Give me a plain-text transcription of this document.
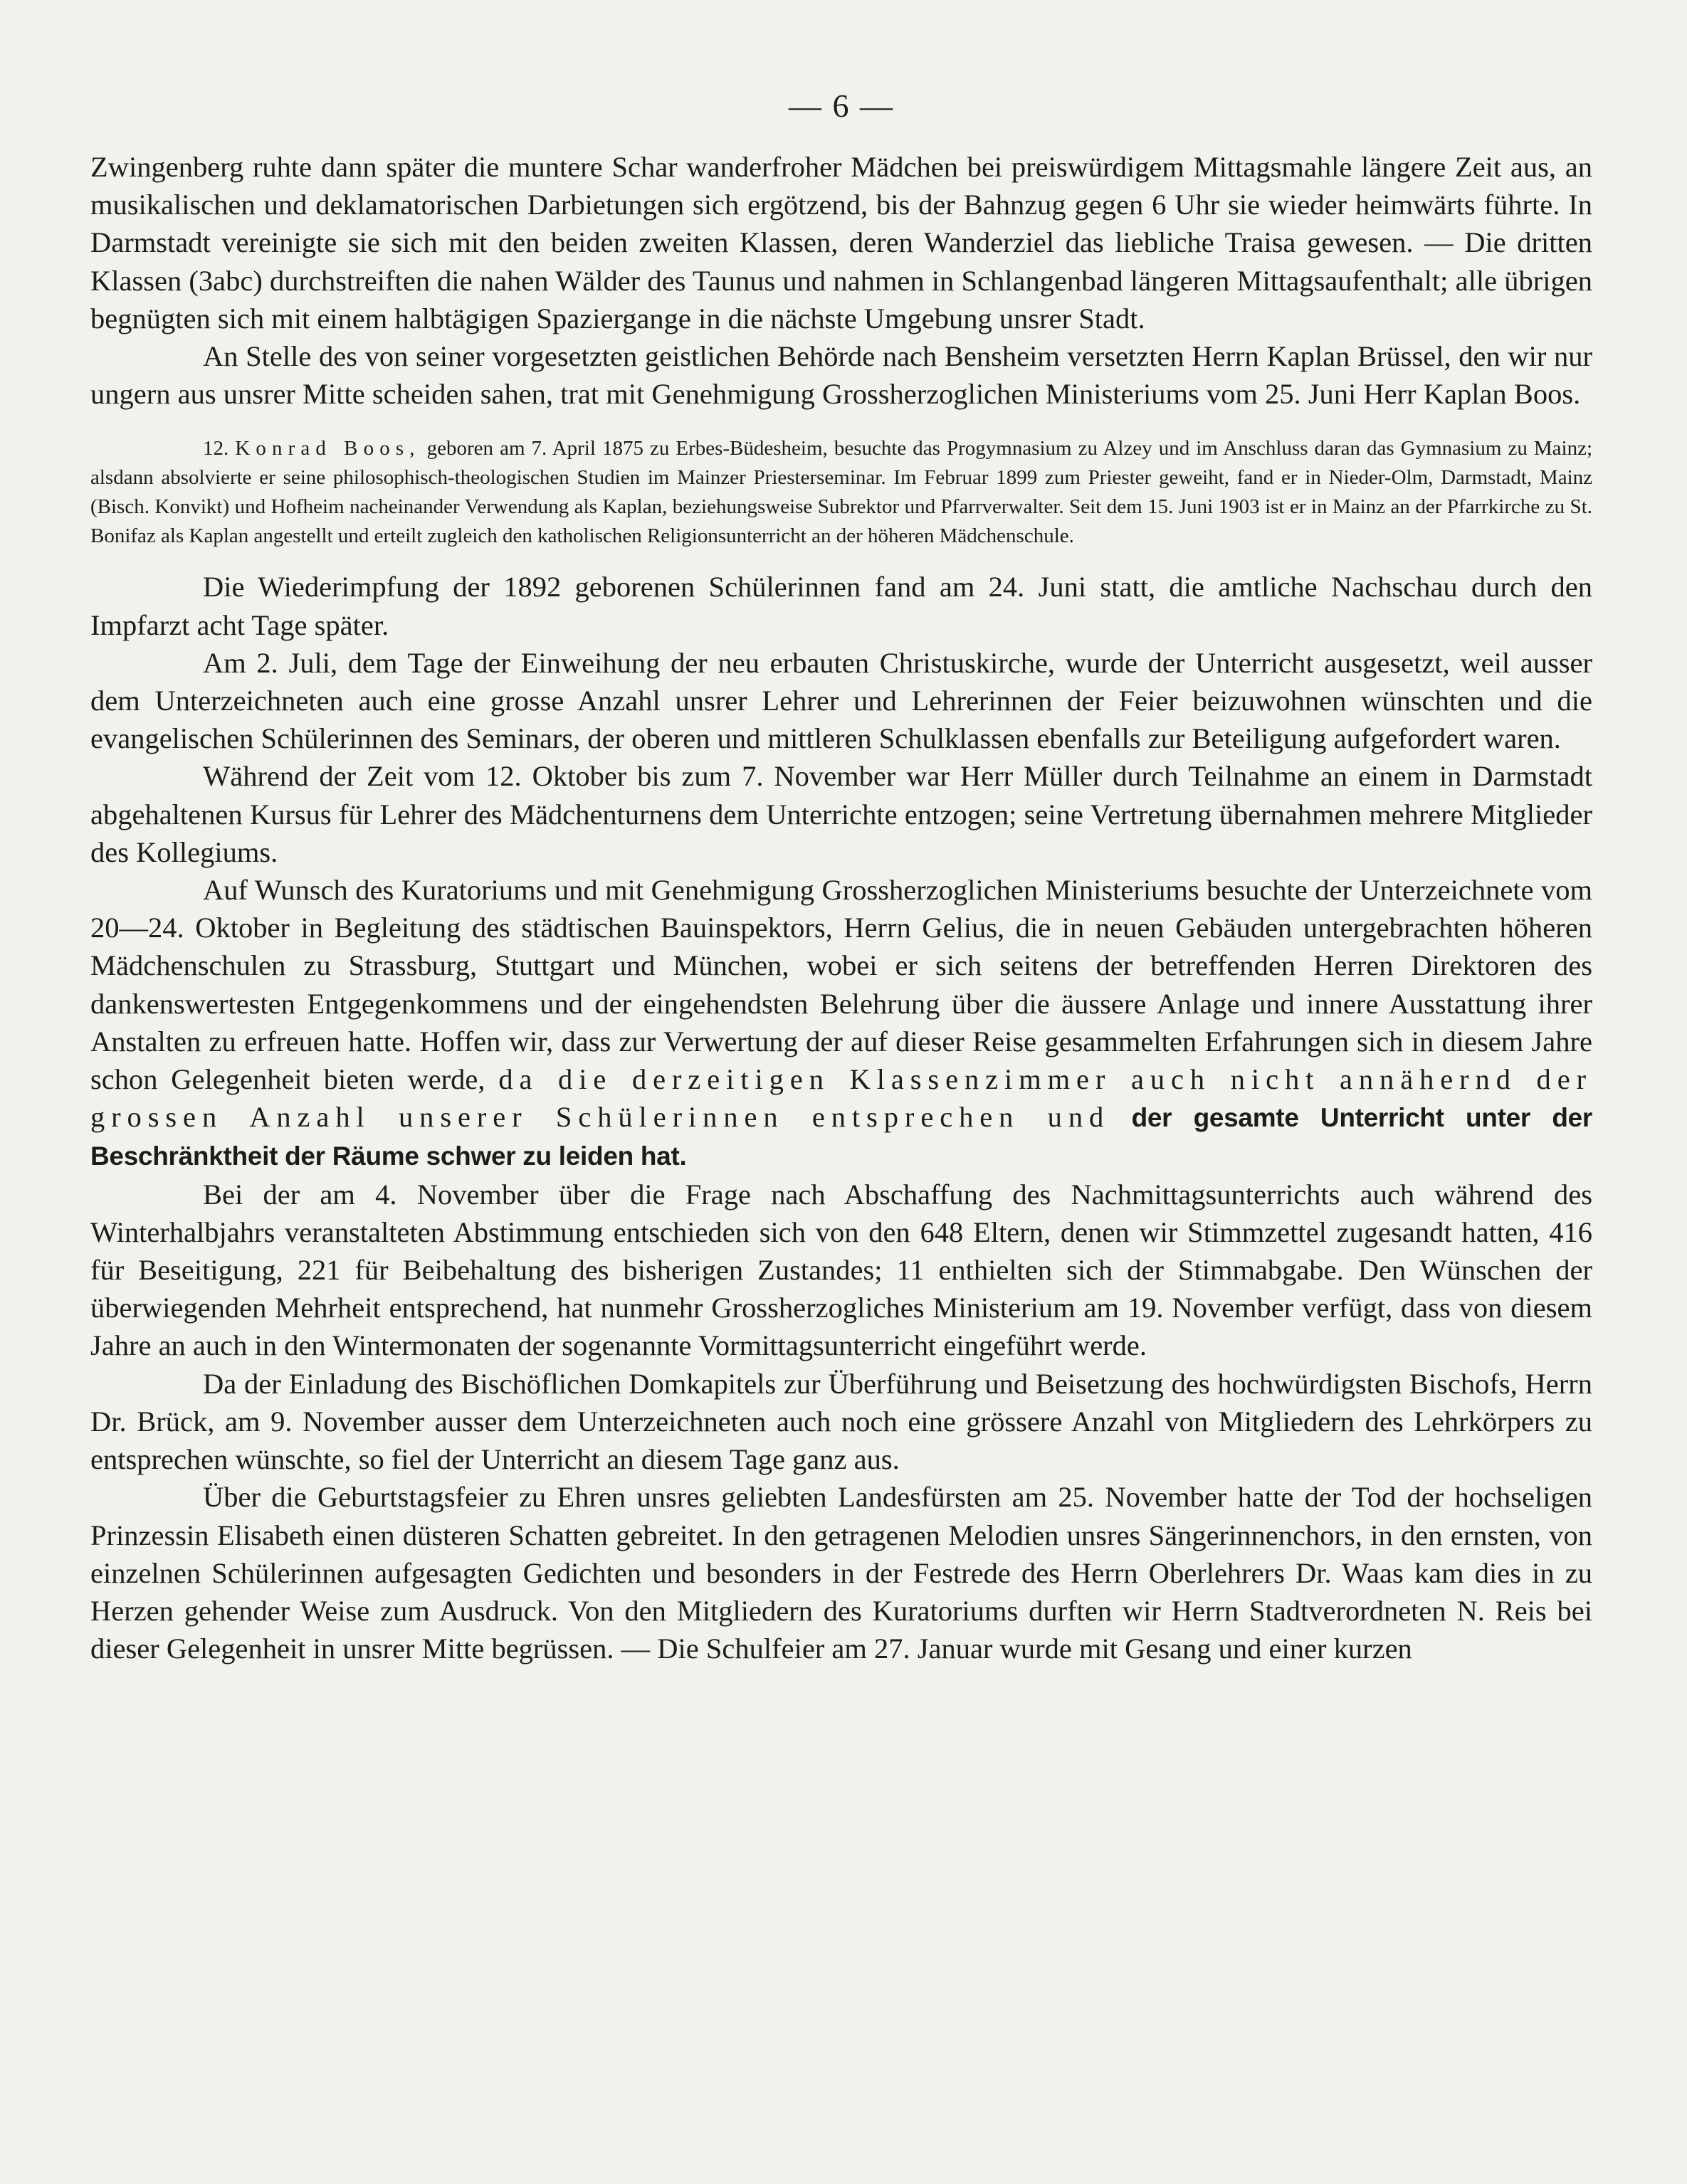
— 6 —

Zwingenberg ruhte dann später die muntere Schar wanderfroher Mädchen bei preiswürdigem Mittagsmahle längere Zeit aus, an musikalischen und deklamatorischen Darbietungen sich ergötzend, bis der Bahnzug gegen 6 Uhr sie wieder heimwärts führte. In Darmstadt vereinigte sie sich mit den beiden zweiten Klassen, deren Wanderziel das liebliche Traisa gewesen. — Die dritten Klassen (3abc) durchstreiften die nahen Wälder des Taunus und nahmen in Schlangenbad längeren Mittagsaufenthalt; alle übrigen begnügten sich mit einem halbtägigen Spaziergange in die nächste Umgebung unsrer Stadt.

An Stelle des von seiner vorgesetzten geistlichen Behörde nach Bensheim versetzten Herrn Kaplan Brüssel, den wir nur ungern aus unsrer Mitte scheiden sahen, trat mit Genehmigung Grossherzoglichen Ministeriums vom 25. Juni Herr Kaplan Boos.

12. Konrad Boos, geboren am 7. April 1875 zu Erbes-Büdesheim, besuchte das Progymnasium zu Alzey und im Anschluss daran das Gymnasium zu Mainz; alsdann absolvierte er seine philosophisch-theologischen Studien im Mainzer Priesterseminar. Im Februar 1899 zum Priester geweiht, fand er in Nieder-Olm, Darmstadt, Mainz (Bisch. Konvikt) und Hofheim nacheinander Verwendung als Kaplan, beziehungsweise Subrektor und Pfarrverwalter. Seit dem 15. Juni 1903 ist er in Mainz an der Pfarrkirche zu St. Bonifaz als Kaplan angestellt und erteilt zugleich den katholischen Religionsunterricht an der höheren Mädchenschule.

Die Wiederimpfung der 1892 geborenen Schülerinnen fand am 24. Juni statt, die amtliche Nachschau durch den Impfarzt acht Tage später.

Am 2. Juli, dem Tage der Einweihung der neu erbauten Christuskirche, wurde der Unterricht ausgesetzt, weil ausser dem Unterzeichneten auch eine grosse Anzahl unsrer Lehrer und Lehrerinnen der Feier beizuwohnen wünschten und die evangelischen Schülerinnen des Seminars, der oberen und mittleren Schulklassen ebenfalls zur Beteiligung aufgefordert waren.

Während der Zeit vom 12. Oktober bis zum 7. November war Herr Müller durch Teilnahme an einem in Darmstadt abgehaltenen Kursus für Lehrer des Mädchenturnens dem Unterrichte entzogen; seine Vertretung übernahmen mehrere Mitglieder des Kollegiums.

Auf Wunsch des Kuratoriums und mit Genehmigung Grossherzoglichen Ministeriums besuchte der Unterzeichnete vom 20—24. Oktober in Begleitung des städtischen Bauinspektors, Herrn Gelius, die in neuen Gebäuden untergebrachten höheren Mädchenschulen zu Strassburg, Stuttgart und München, wobei er sich seitens der betreffenden Herren Direktoren des dankenswertesten Entgegenkommens und der eingehendsten Belehrung über die äussere Anlage und innere Ausstattung ihrer Anstalten zu erfreuen hatte. Hoffen wir, dass zur Verwertung der auf dieser Reise gesammelten Erfahrungen sich in diesem Jahre schon Gelegenheit bieten werde, da die derzeitigen Klassenzimmer auch nicht annähernd der grossen Anzahl unserer Schülerinnen entsprechen und der gesamte Unterricht unter der Beschränktheit der Räume schwer zu leiden hat.

Bei der am 4. November über die Frage nach Abschaffung des Nachmittagsunterrichts auch während des Winterhalbjahrs veranstalteten Abstimmung entschieden sich von den 648 Eltern, denen wir Stimmzettel zugesandt hatten, 416 für Beseitigung, 221 für Beibehaltung des bisherigen Zustandes; 11 enthielten sich der Stimmabgabe. Den Wünschen der überwiegenden Mehrheit entsprechend, hat nunmehr Grossherzogliches Ministerium am 19. November verfügt, dass von diesem Jahre an auch in den Wintermonaten der sogenannte Vormittagsunterricht eingeführt werde.

Da der Einladung des Bischöflichen Domkapitels zur Überführung und Beisetzung des hochwürdigsten Bischofs, Herrn Dr. Brück, am 9. November ausser dem Unterzeichneten auch noch eine grössere Anzahl von Mitgliedern des Lehrkörpers zu entsprechen wünschte, so fiel der Unterricht an diesem Tage ganz aus.

Über die Geburtstagsfeier zu Ehren unsres geliebten Landesfürsten am 25. November hatte der Tod der hochseligen Prinzessin Elisabeth einen düsteren Schatten gebreitet. In den getragenen Melodien unsres Sängerinnenchors, in den ernsten, von einzelnen Schülerinnen aufgesagten Gedichten und besonders in der Festrede des Herrn Oberlehrers Dr. Waas kam dies in zu Herzen gehender Weise zum Ausdruck. Von den Mitgliedern des Kuratoriums durften wir Herrn Stadtverordneten N. Reis bei dieser Gelegenheit in unsrer Mitte begrüssen. — Die Schulfeier am 27. Januar wurde mit Gesang und einer kurzen
